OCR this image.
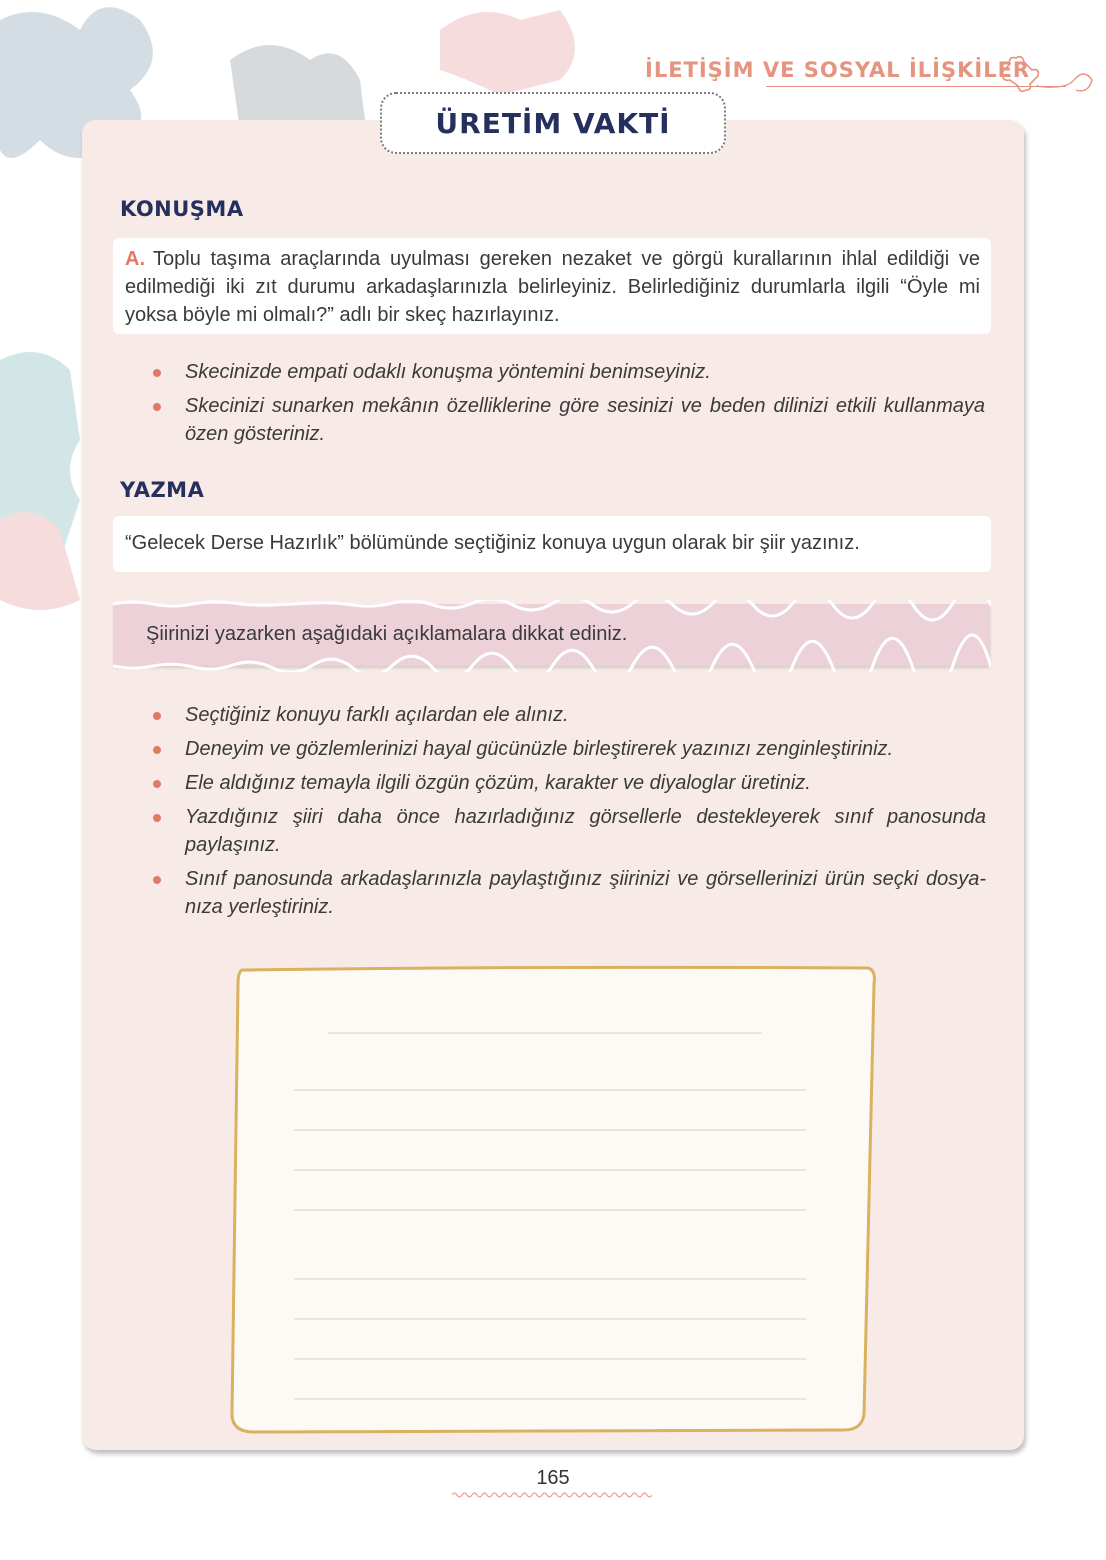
İLETİŞİM VE SOSYAL İLİŞKİLER
ÜRETİM VAKTİ
KONUŞMA
A. Toplu taşıma araçlarında uyulması gereken nezaket ve görgü kurallarının ihlal edildiği ve edilmediği iki zıt durumu arkadaşlarınızla belirleyiniz. Belirlediğiniz durumlarla ilgili “Öyle mi yoksa böyle mi olmalı?” adlı bir skeç hazırlayınız.
Skecinizde empati odaklı konuşma yöntemini benimseyiniz.
Skecinizi sunarken mekânın özelliklerine göre sesinizi ve beden dilinizi etkili kullanmaya özen gösteriniz.
YAZMA
“Gelecek Derse Hazırlık” bölümünde seçtiğiniz konuya uygun olarak bir şiir yazınız.
Şiirinizi yazarken aşağıdaki açıklamalara dikkat ediniz.
Seçtiğiniz konuyu farklı açılardan ele alınız.
Deneyim ve gözlemlerinizi hayal gücünüzle birleştirerek yazınızı zenginleştiriniz.
Ele aldığınız temayla ilgili özgün çözüm, karakter ve diyaloglar üretiniz.
Yazdığınız şiiri daha önce hazırladığınız görsellerle destekleyerek sınıf panosunda paylaşınız.
Sınıf panosunda arkadaşlarınızla paylaştığınız şiirinizi ve görsellerinizi ürün seçki dosya-nıza yerleştiriniz.
165
